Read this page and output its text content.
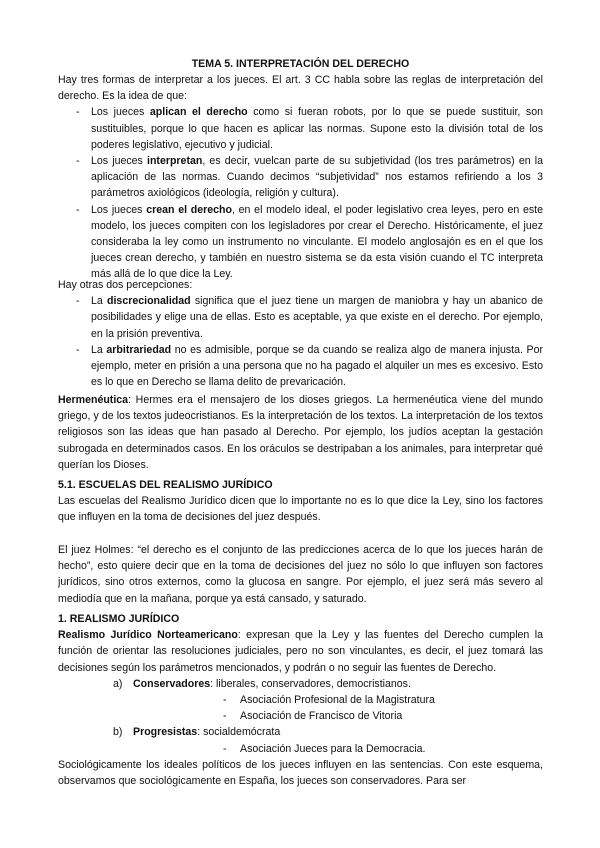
TEMA 5. INTERPRETACIÓN DEL DERECHO
Hay tres formas de interpretar a los jueces. El art. 3 CC habla sobre las reglas de interpretación del derecho. Es la idea de que:
- Los jueces aplican el derecho como si fueran robots, por lo que se puede sustituir, son sustituibles, porque lo que hacen es aplicar las normas. Supone esto la división total de los poderes legislativo, ejecutivo y judicial.
- Los jueces interpretan, es decir, vuelcan parte de su subjetividad (los tres parámetros) en la aplicación de las normas. Cuando decimos “subjetividad” nos estamos refiriendo a los 3 parámetros axiológicos (ideología, religión y cultura).
- Los jueces crean el derecho, en el modelo ideal, el poder legislativo crea leyes, pero en este modelo, los jueces compiten con los legisladores por crear el Derecho. Históricamente, el juez consideraba la ley como un instrumento no vinculante. El modelo anglosajón es en el que los jueces crean derecho, y también en nuestro sistema se da esta visión cuando el TC interpreta más allá de lo que dice la Ley.
Hay otras dos percepciones:
- La discrecionalidad significa que el juez tiene un margen de maniobra y hay un abanico de posibilidades y elige una de ellas. Esto es aceptable, ya que existe en el derecho. Por ejemplo, en la prisión preventiva.
- La arbitrariedad no es admisible, porque se da cuando se realiza algo de manera injusta. Por ejemplo, meter en prisión a una persona que no ha pagado el alquiler un mes es excesivo. Esto es lo que en Derecho se llama delito de prevaricación.
Hermenéutica: Hermes era el mensajero de los dioses griegos. La hermenéutica viene del mundo griego, y de los textos judeocristianos. Es la interpretación de los textos. La interpretación de los textos religiosos son las ideas que han pasado al Derecho. Por ejemplo, los judíos aceptan la gestación subrogada en determinados casos. En los oráculos se destripaban a los animales, para interpretar qué querían los Dioses.
5.1. ESCUELAS DEL REALISMO JURÍDICO
Las escuelas del Realismo Jurídico dicen que lo importante no es lo que dice la Ley, sino los factores que influyen en la toma de decisiones del juez después.
El juez Holmes: “el derecho es el conjunto de las predicciones acerca de lo que los jueces harán de hecho”, esto quiere decir que en la toma de decisiones del juez no sólo lo que influyen son factores jurídicos, sino otros externos, como la glucosa en sangre. Por ejemplo, el juez será más severo al mediodía que en la mañana, porque ya está cansado, y saturado.
1. REALISMO JURÍDICO
Realismo Jurídico Norteamericano: expresan que la Ley y las fuentes del Derecho cumplen la función de orientar las resoluciones judiciales, pero no son vinculantes, es decir, el juez tomará las decisiones según los parámetros mencionados, y podrán o no seguir las fuentes de Derecho.
a) Conservadores: liberales, conservadores, democristianos.
- Asociación Profesional de la Magistratura
- Asociación de Francisco de Vitoria
b) Progresistas: socialdemócrata
- Asociación Jueces para la Democracia.
Sociológicamente los ideales políticos de los jueces influyen en las sentencias. Con este esquema, observamos que sociológicamente en España, los jueces son conservadores. Para ser
